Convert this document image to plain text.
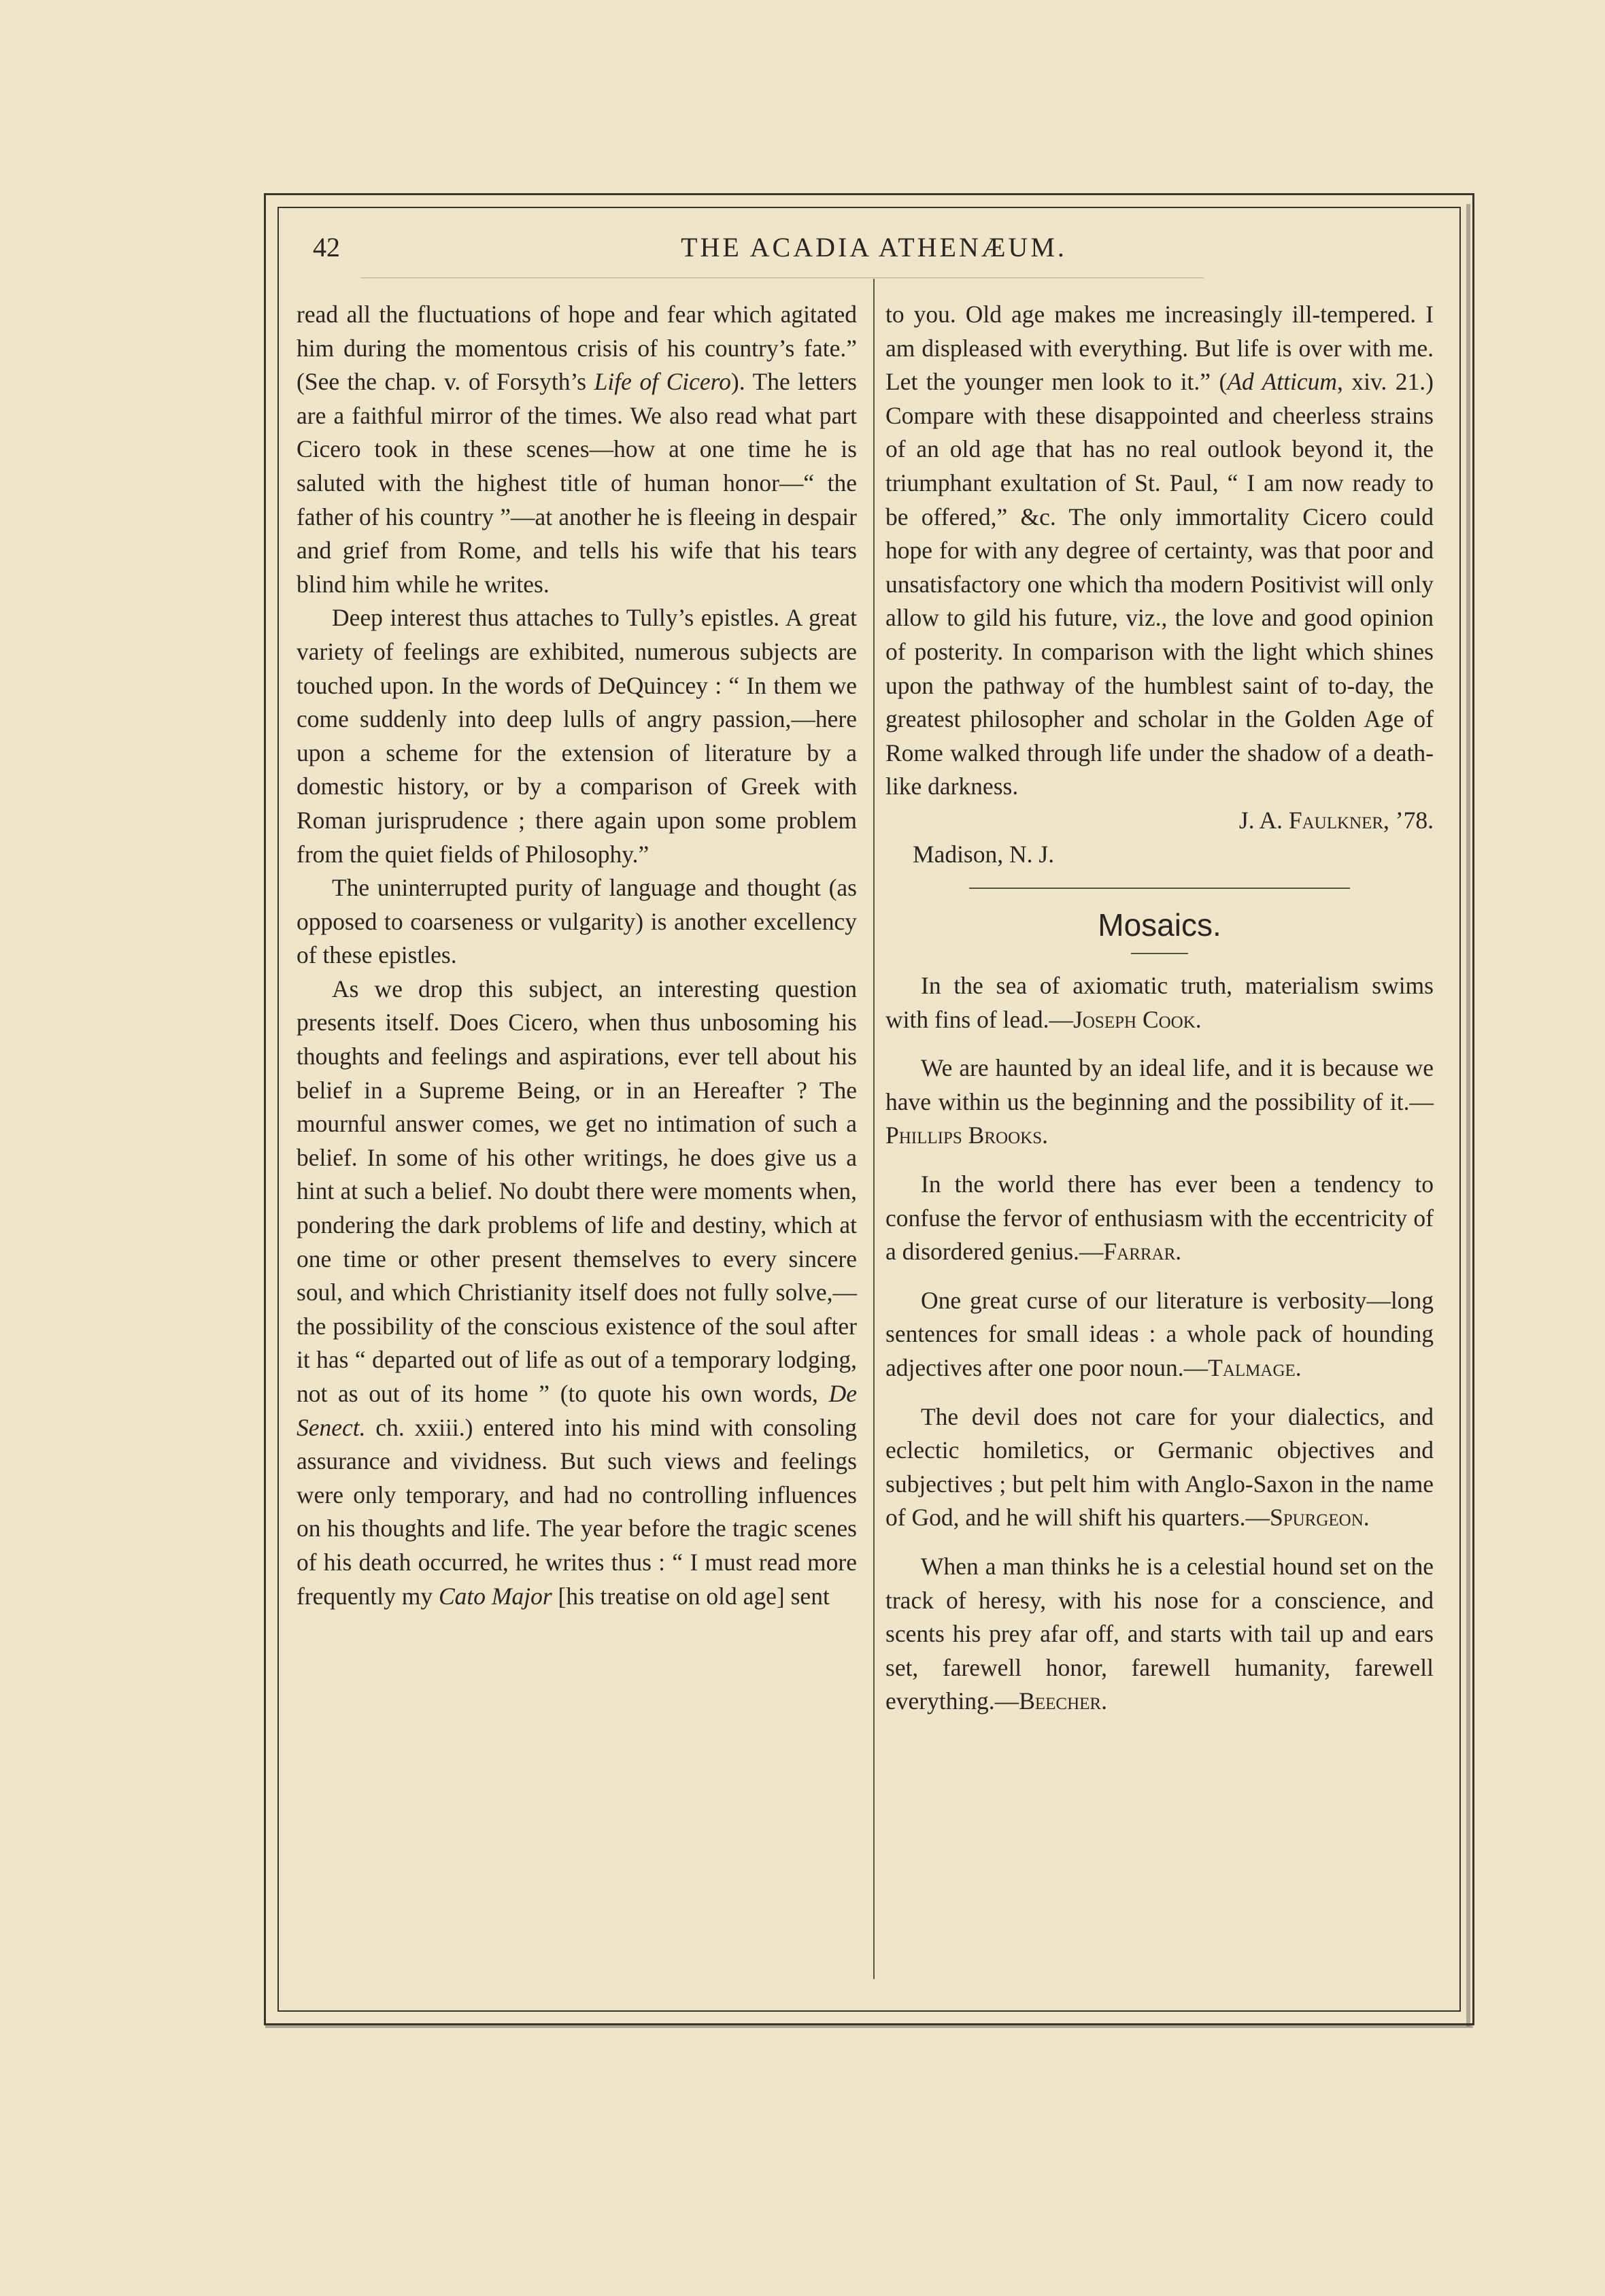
42	THE ACADIA ATHENÆUM.

read all the fluctuations of hope and fear which agitated him during the momentous crisis of his country’s fate.” (See the chap. v. of Forsyth’s Life of Cicero). The letters are a faithful mirror of the times. We also read what part Cicero took in these scenes—how at one time he is saluted with the highest title of human honor—“ the father of his country ”—at another he is fleeing in despair and grief from Rome, and tells his wife that his tears blind him while he writes.

Deep interest thus attaches to Tully’s epistles. A great variety of feelings are exhibited, numerous subjects are touched upon. In the words of DeQuincey : “ In them we come suddenly into deep lulls of angry passion,—here upon a scheme for the extension of literature by a domestic history, or by a comparison of Greek with Roman jurisprudence ; there again upon some problem from the quiet fields of Philosophy.”

The uninterrupted purity of language and thought (as opposed to coarseness or vulgarity) is another excellency of these epistles.

As we drop this subject, an interesting question presents itself. Does Cicero, when thus unbosoming his thoughts and feelings and aspirations, ever tell about his belief in a Supreme Being, or in an Hereafter ? The mournful answer comes, we get no intimation of such a belief. In some of his other writings, he does give us a hint at such a belief. No doubt there were moments when, pondering the dark problems of life and destiny, which at one time or other present themselves to every sincere soul, and which Christianity itself does not fully solve,—the possibility of the conscious existence of the soul after it has “ departed out of life as out of a temporary lodging, not as out of its home ” (to quote his own words, De Senect. ch. xxiii.) entered into his mind with consoling assurance and vividness. But such views and feelings were only temporary, and had no controlling influences on his thoughts and life. The year before the tragic scenes of his death occurred, he writes thus : “ I must read more frequently my Cato Major [his treatise on old age] sent

to you. Old age makes me increasingly ill-tempered. I am displeased with everything. But life is over with me. Let the younger men look to it.” (Ad Atticum, xiv. 21.) Compare with these disappointed and cheerless strains of an old age that has no real outlook beyond it, the triumphant exultation of St. Paul, “ I am now ready to be offered,” &c. The only immortality Cicero could hope for with any degree of certainty, was that poor and unsatisfactory one which tha modern Positivist will only allow to gild his future, viz., the love and good opinion of posterity. In comparison with the light which shines upon the pathway of the humblest saint of to-day, the greatest philosopher and scholar in the Golden Age of Rome walked through life under the shadow of a death-like darkness.

J. A. Faulkner, ’78.

Madison, N. J.

Mosaics.

In the sea of axiomatic truth, materialism swims with fins of lead.—Joseph Cook.

We are haunted by an ideal life, and it is because we have within us the beginning and the possibility of it.—Phillips Brooks.

In the world there has ever been a tendency to confuse the fervor of enthusiasm with the eccentricity of a disordered genius.—Farrar.

One great curse of our literature is verbosity—long sentences for small ideas : a whole pack of hounding adjectives after one poor noun.—Talmage.

The devil does not care for your dialectics, and eclectic homiletics, or Germanic objectives and subjectives ; but pelt him with Anglo-Saxon in the name of God, and he will shift his quarters.—Spurgeon.

When a man thinks he is a celestial hound set on the track of heresy, with his nose for a conscience, and scents his prey afar off, and starts with tail up and ears set, farewell honor, farewell humanity, farewell everything.—Beecher.
